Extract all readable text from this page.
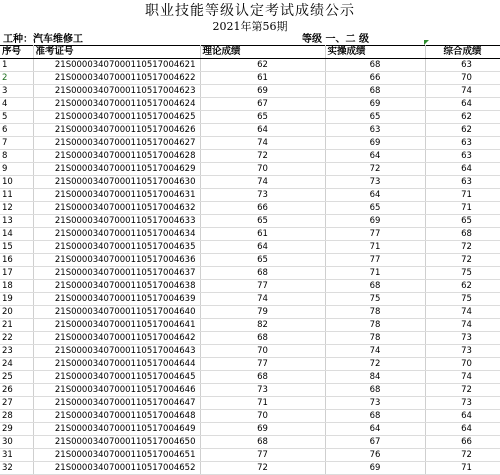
职业技能等级认定考试成绩公示
2021年第56期
工种：汽车维修工	等级 一、二 级
序号	准考证号	理论成绩	实操成绩	综合成绩
1	21S00003407000110517004621	62	68	63
2	21S00003407000110517004622	61	66	70
3	21S00003407000110517004623	69	68	74
4	21S00003407000110517004624	67	69	64
5	21S00003407000110517004625	65	65	62
6	21S00003407000110517004626	64	63	62
7	21S00003407000110517004627	74	69	63
8	21S00003407000110517004628	72	64	63
9	21S00003407000110517004629	70	72	64
10	21S00003407000110517004630	74	73	63
11	21S00003407000110517004631	73	64	71
12	21S00003407000110517004632	66	65	71
13	21S00003407000110517004633	65	69	65
14	21S00003407000110517004634	61	77	68
15	21S00003407000110517004635	64	71	72
16	21S00003407000110517004636	65	77	72
17	21S00003407000110517004637	68	71	75
18	21S00003407000110517004638	77	68	62
19	21S00003407000110517004639	74	75	75
20	21S00003407000110517004640	79	78	74
21	21S00003407000110517004641	82	78	74
22	21S00003407000110517004642	68	78	73
23	21S00003407000110517004643	70	74	73
24	21S00003407000110517004644	77	72	70
25	21S00003407000110517004645	68	84	74
26	21S00003407000110517004646	73	68	72
27	21S00003407000110517004647	71	73	73
28	21S00003407000110517004648	70	68	64
29	21S00003407000110517004649	69	64	64
30	21S00003407000110517004650	68	67	66
31	21S00003407000110517004651	77	76	72
32	21S00003407000110517004652	72	69	71
